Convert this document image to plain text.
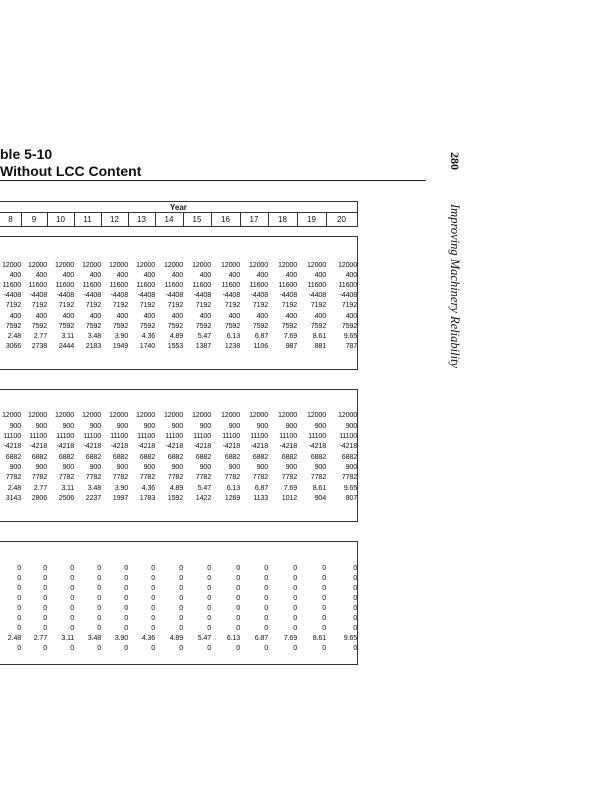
ble 5-10
Without LCC Content
280
Improving Machinery Reliability
Year
8	9	10	11	12	13	14	15	16	17	18	19	20
12000 12000	12000	12000	12000	12000	12000	12000	12000	12000	12000	12000	12000
400	400	400	400	400	400	400	400	400	400	400	400	400
11600	11600	11600	11600	11600	11600	11600	11600	11600	11600	11600	11600	11600
-4408	-4408	-4408	-4408	-4408	-4408	-4408	-4408	-4408	-4408	-4408	-4408	-4408
7192	7192	7192	7192	7192	7192	7192	7192	7192	7192	7192	7192	7192
400	400	400	400	400	400	400	400	400	400	400	400	400
7592	7592	7592	7592	7592	7592	7592	7592	7592	7592	7592	7592	7592
2.48	2.77	3.11	3.48	3.90	4.36	4.89	5.47	6.13	6.87	7.69	8.61	9.65
3066	2738	2444	2183	1949	1740	1553	1387	1238	1106	987	881	787
12000 12000	12000	12000	12000	12000	12000	12000	12000	12000	12000	12000	12000
900	900	900	900	900	900	900	900	900	900	900	900	900
11100	11100	11100	11100	11100	11100	11100	11100	11100	11100	11100	11100	11100
-4218	-4218	-4218	-4218	-4218	-4218	-4218	-4218	-4218	-4218	-4218	-4218	-4218
6882	6882	6882	6882	6882	6882	6882	6882	6882	6882	6882	6882	6882
900	900	900	900	900	900	900	900	900	900	900	900	900
7782	7782	7782	7782	7782	7782	7782	7782	7782	7782	7782	7782	7782
2.48	2.77	3.11	3.48	3.90	4.36	4.89	5.47	6.13	6.87	7.69	8.61	9.65
3143	2806	2506	2237	1997	1783	1592	1422	1269	1133	1012	904	807
0	0	0	0	0	0	0	0	0	0	0	0	0
0	0	0	0	0	0	0	0	0	0	0	0	0
0	0	0	0	0	0	0	0	0	0	0	0	0
0	0	0	0	0	0	0	0	0	0	0	0	0
0	0	0	0	0	0	0	0	0	0	0	0	0
0	0	0	0	0	0	0	0	0	0	0	0	0
0	0	0	0	0	0	0	0	0	0	0	0	0
2.48	2.77	3.11	3.48	3.90	4.36	4.89	5.47	6.13	6.87	7.69	8.61	9.65
0	0	0	0	0	0	0	0	0	0	0	0	0
